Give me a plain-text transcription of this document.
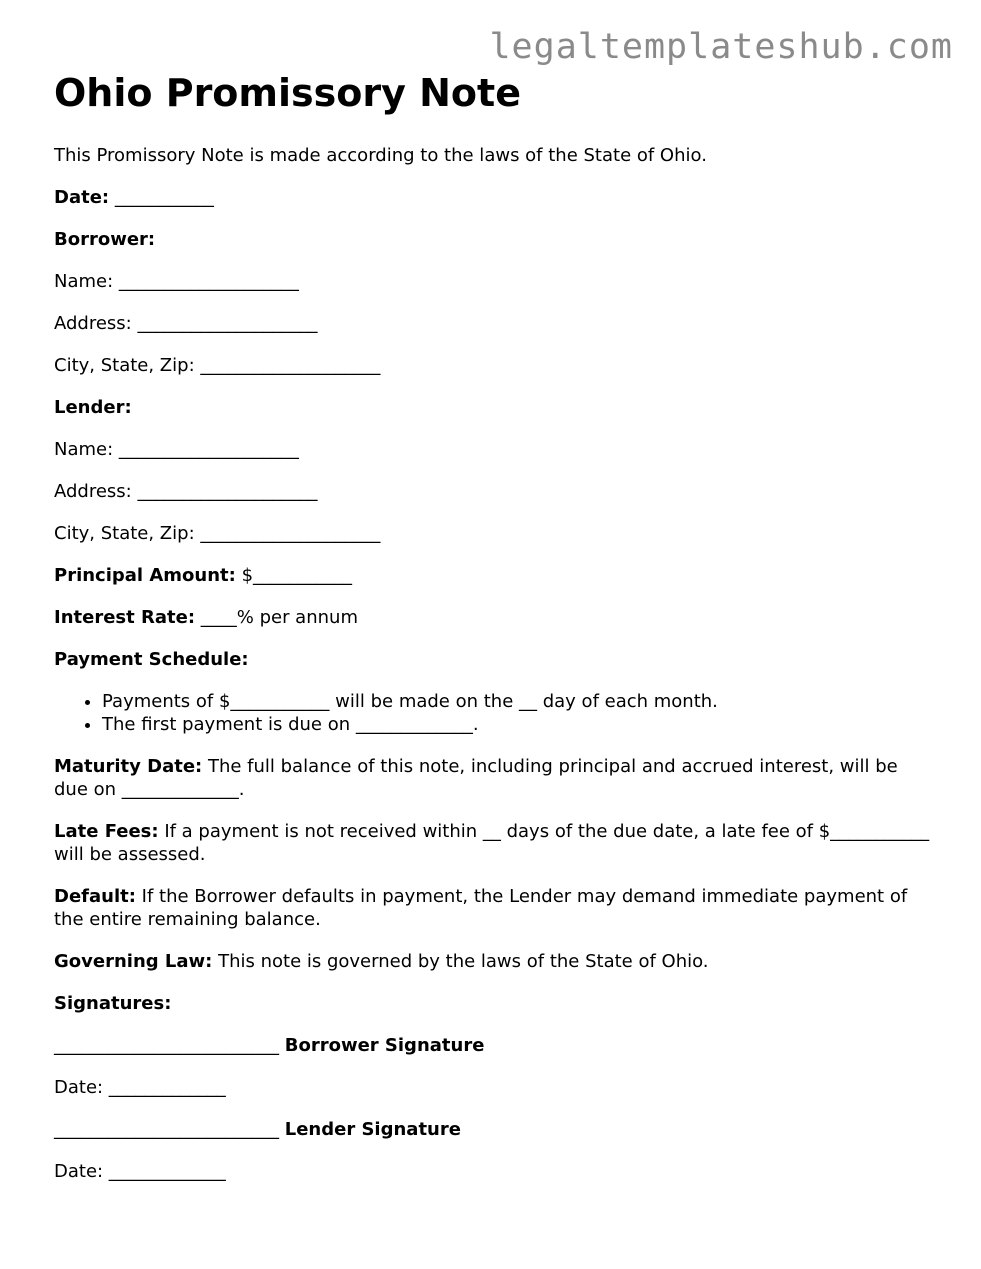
legaltemplateshub.com
Ohio Promissory Note

This Promissory Note is made according to the laws of the State of Ohio.

Date: ___________

Borrower:

Name: ____________________

Address: ____________________

City, State, Zip: ____________________

Lender:

Name: ____________________

Address: ____________________

City, State, Zip: ____________________

Principal Amount: $___________

Interest Rate: ____% per annum

Payment Schedule:

• Payments of $___________ will be made on the __ day of each month.
• The first payment is due on _____________.

Maturity Date: The full balance of this note, including principal and accrued interest, will be due on _____________.

Late Fees: If a payment is not received within __ days of the due date, a late fee of $___________ will be assessed.

Default: If the Borrower defaults in payment, the Lender may demand immediate payment of the entire remaining balance.

Governing Law: This note is governed by the laws of the State of Ohio.

Signatures:

_________________________ Borrower Signature

Date: _____________

_________________________ Lender Signature

Date: _____________
